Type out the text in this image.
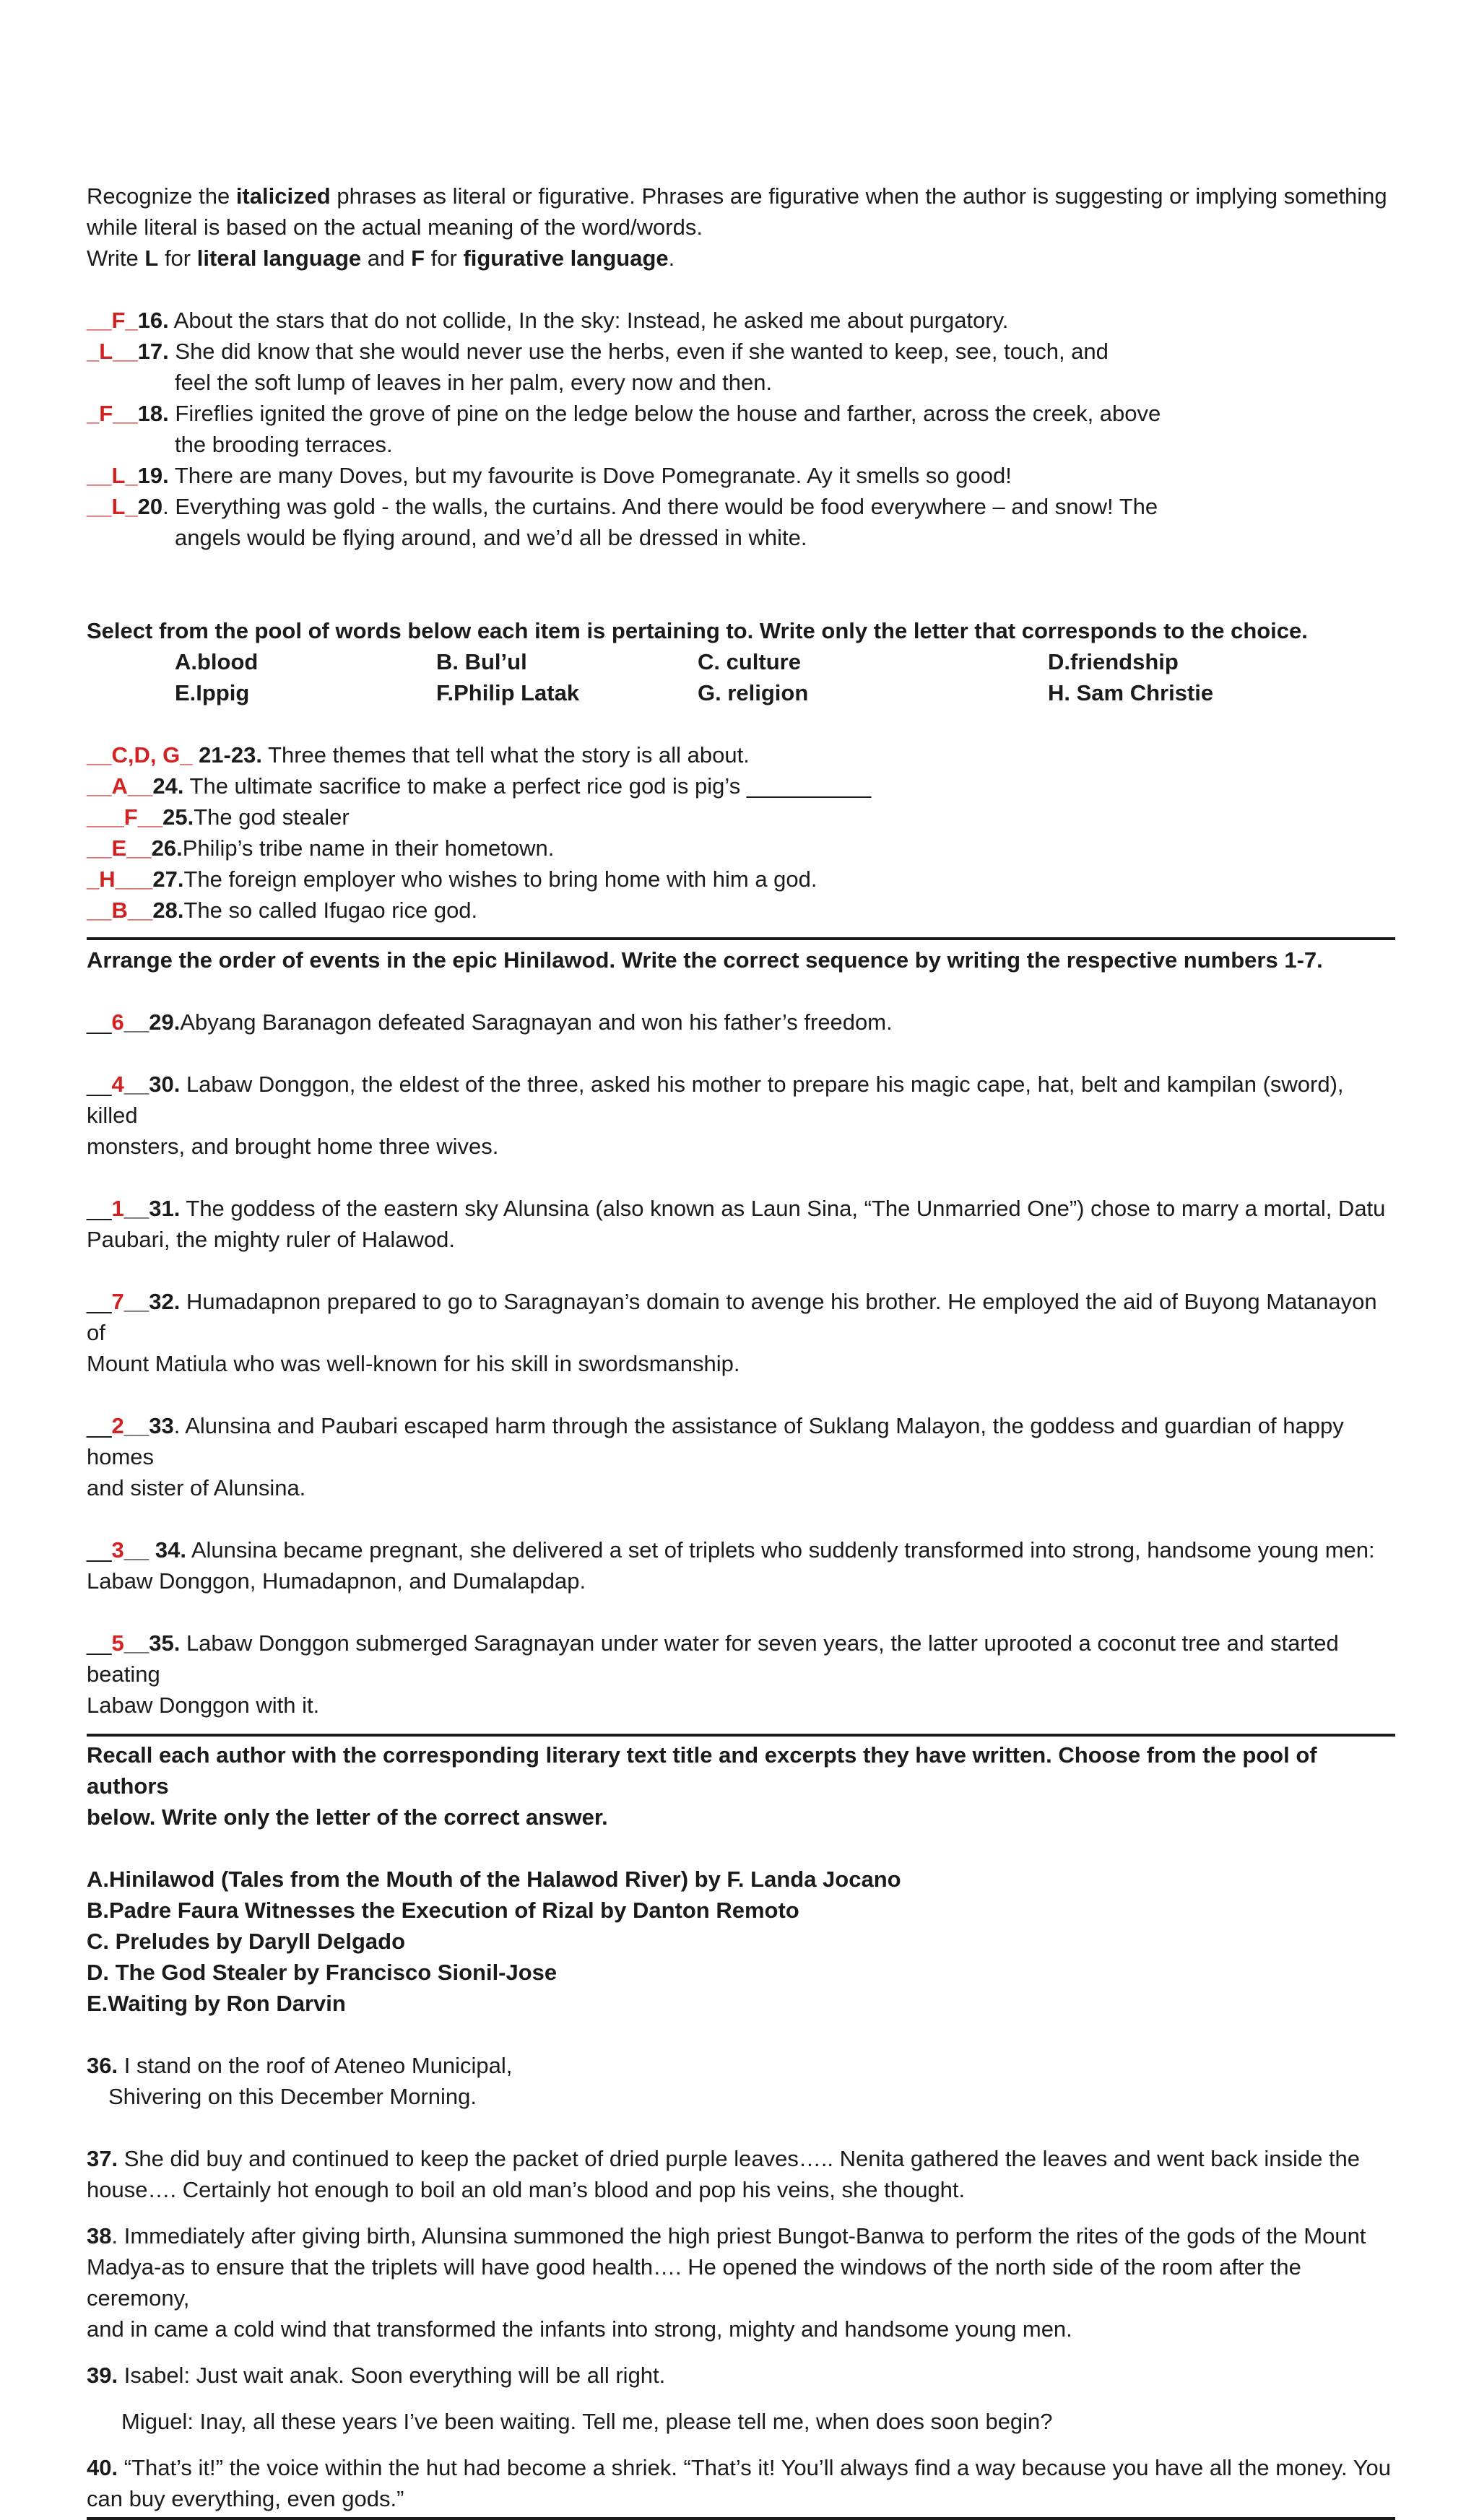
Recognize the italicized phrases as literal or figurative. Phrases are figurative when the author is suggesting or implying something

while literal is based on the actual meaning of the word/words.

Write L for literal language and F for figurative language.

__F_16. About the stars that do not collide, In the sky: Instead, he asked me about purgatory.

_L__17. She did know that she would never use the herbs, even if she wanted to keep, see, touch, and

feel the soft lump of leaves in her palm, every now and then.

_F__18. Fireflies ignited the grove of pine on the ledge below the house and farther, across the creek, above

the brooding terraces.

__L_19. There are many Doves, but my favourite is Dove Pomegranate. Ay it smells so good!

__L_20. Everything was gold - the walls, the curtains. And there would be food everywhere – and snow! The

angels would be flying around, and we’d all be dressed in white.

Select from the pool of words below each item is pertaining to. Write only the letter that corresponds to the choice.

A.blood	B. Bul’ul	C. culture	D.friendship
E.Ippig	F.Philip Latak	G. religion	H. Sam Christie

__C,D, G_ 21-23. Three themes that tell what the story is all about.

__A__24. The ultimate sacrifice to make a perfect rice god is pig’s __________

___F__25.The god stealer

__E__26.Philip’s tribe name in their hometown.

_H___27.The foreign employer who wishes to bring home with him a god.

__B__28.The so called Ifugao rice god.

Arrange the order of events in the epic Hinilawod. Write the correct sequence by writing the respective numbers 1-7.

__6__29.Abyang Baranagon defeated Saragnayan and won his father’s freedom.

__4__30. Labaw Donggon, the eldest of the three, asked his mother to prepare his magic cape, hat, belt and kampilan (sword), killed

monsters, and brought home three wives.

__1__31. The goddess of the eastern sky Alunsina (also known as Laun Sina, “The Unmarried One”) chose to marry a mortal, Datu

Paubari, the mighty ruler of Halawod.

__7__32. Humadapnon prepared to go to Saragnayan’s domain to avenge his brother. He employed the aid of Buyong Matanayon of

Mount Matiula who was well-known for his skill in swordsmanship.

__2__33. Alunsina and Paubari escaped harm through the assistance of Suklang Malayon, the goddess and guardian of happy homes

and sister of Alunsina.

__3__ 34. Alunsina became pregnant, she delivered a set of triplets who suddenly transformed into strong, handsome young men:

Labaw Donggon, Humadapnon, and Dumalapdap.

__5__35. Labaw Donggon submerged Saragnayan under water for seven years, the latter uprooted a coconut tree and started beating

Labaw Donggon with it.

Recall each author with the corresponding literary text title and excerpts they have written. Choose from the pool of authors

below. Write only the letter of the correct answer.

A.Hinilawod (Tales from the Mouth of the Halawod River) by F. Landa Jocano

B.Padre Faura Witnesses the Execution of Rizal by Danton Remoto

C. Preludes by Daryll Delgado

D. The God Stealer by Francisco Sionil-Jose

E.Waiting by Ron Darvin

36. I stand on the roof of Ateneo Municipal,

Shivering on this December Morning.

37. She did buy and continued to keep the packet of dried purple leaves….. Nenita gathered the leaves and went back inside the

house…. Certainly hot enough to boil an old man’s blood and pop his veins, she thought.

38. Immediately after giving birth, Alunsina summoned the high priest Bungot-Banwa to perform the rites of the gods of the Mount

Madya-as to ensure that the triplets will have good health…. He opened the windows of the north side of the room after the ceremony,

and in came a cold wind that transformed the infants into strong, mighty and handsome young men.

39. Isabel: Just wait anak. Soon everything will be all right.

Miguel: Inay, all these years I’ve been waiting. Tell me, please tell me, when does soon begin?

40. “That’s it!” the voice within the hut had become a shriek. “That’s it! You’ll always find a way because you have all the money. You

can buy everything, even gods.”
